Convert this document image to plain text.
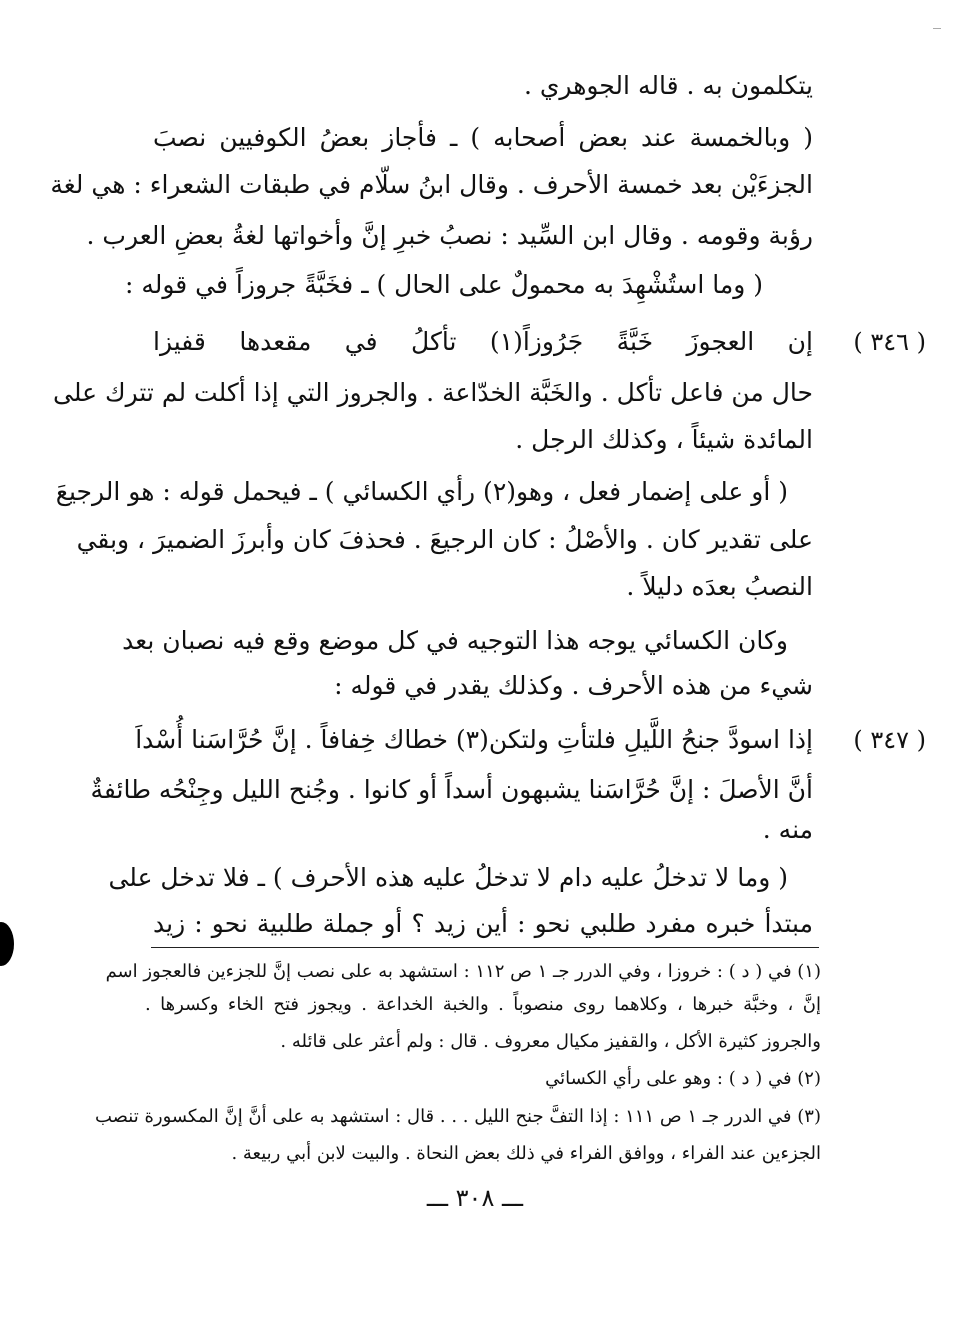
يتكلمون به . قاله الجوهري .
( وبالخمسة عند بعض أصحابه ) ـ فأجاز بعضُ الكوفيين نصبَ
الجزءَيْن بعد خمسة الأحرف . وقال ابنُ سلّام في طبقات الشعراء : هي لغة
رؤبة وقومه . وقال ابن السِّيد : نصبُ خبرِ إنَّ وأخواتها لغةُ بعضِ العرب .
( وما استُشْهِدَ به محمولٌ على الحال ) ـ فخَبَّةً جروزاً في قوله :
( ٣٤٦ )
إن العجوزَ خَبَّةً جَرُوزاً(١) تأكلُ في مقعدها قفيزا
حال من فاعل تأكل . والخَبَّة الخدّاعة . والجروز التي إذا أكلت لم تترك على
المائدة شيئاً ، وكذلك الرجل .
( أو على إضمار فعل ، وهو(٢) رأي الكسائي ) ـ فيحمل قوله : هو الرجيعَ
على تقدير كان . والأصْلُ : كان الرجيعَ . فحذفَ كان وأبرزَ الضميرَ ، وبقي
النصبُ بعدَه دليلاً .
وكان الكسائي يوجه هذا التوجيه في كل موضع وقع فيه نصبان بعد
شيء من هذه الأحرف . وكذلك يقدر في قوله :
( ٣٤٧ )
إذا اسودَّ جنحُ اللَّيلِ فلتأتِ ولتكن(٣) خطاك خِفافاً . إنَّ حُرَّاسَنا أُسْداَ
أنَّ الأصلَ : إنَّ حُرَّاسَنا يشبهون أسداً أو كانوا . وجُنح الليل وجِنْحُه طائفةٌ
منه .
( وما لا تدخلُ عليه دام لا تدخلُ عليه هذه الأحرف ) ـ فلا تدخل على
مبتدأ خبره مفرد طلبي نحو : أين زيد ؟ أو جملة طلبية نحو : زيد
(١) في ( د ) : خروزا ، وفي الدرر جـ ١ ص ١١٢ : استشهد به على نصب إنَّ للجزءين فالعجوز اسم
إنَّ ، وخبَّة خبرها ، وكلاهما روى منصوباً . والخبة الخداعة . ويجوز فتح الخاء وكسرها .
والجروز كثيرة الأكل ، والقفيز مكيال معروف . قال : ولم أعثر على قائله .
(٢) في ( د ) : وهو على رأي الكسائي
(٣) في الدرر جـ ١ ص ١١١ : إذا التفَّ جنح الليل . . . قال : استشهد به على أنَّ إنَّ المكسورة تنصب
الجزءين عند الفراء ، ووافق الفراء في ذلك بعض النحاة . والبيت لابن أبي ربيعة .
ـــ ٣٠٨ ـــ
